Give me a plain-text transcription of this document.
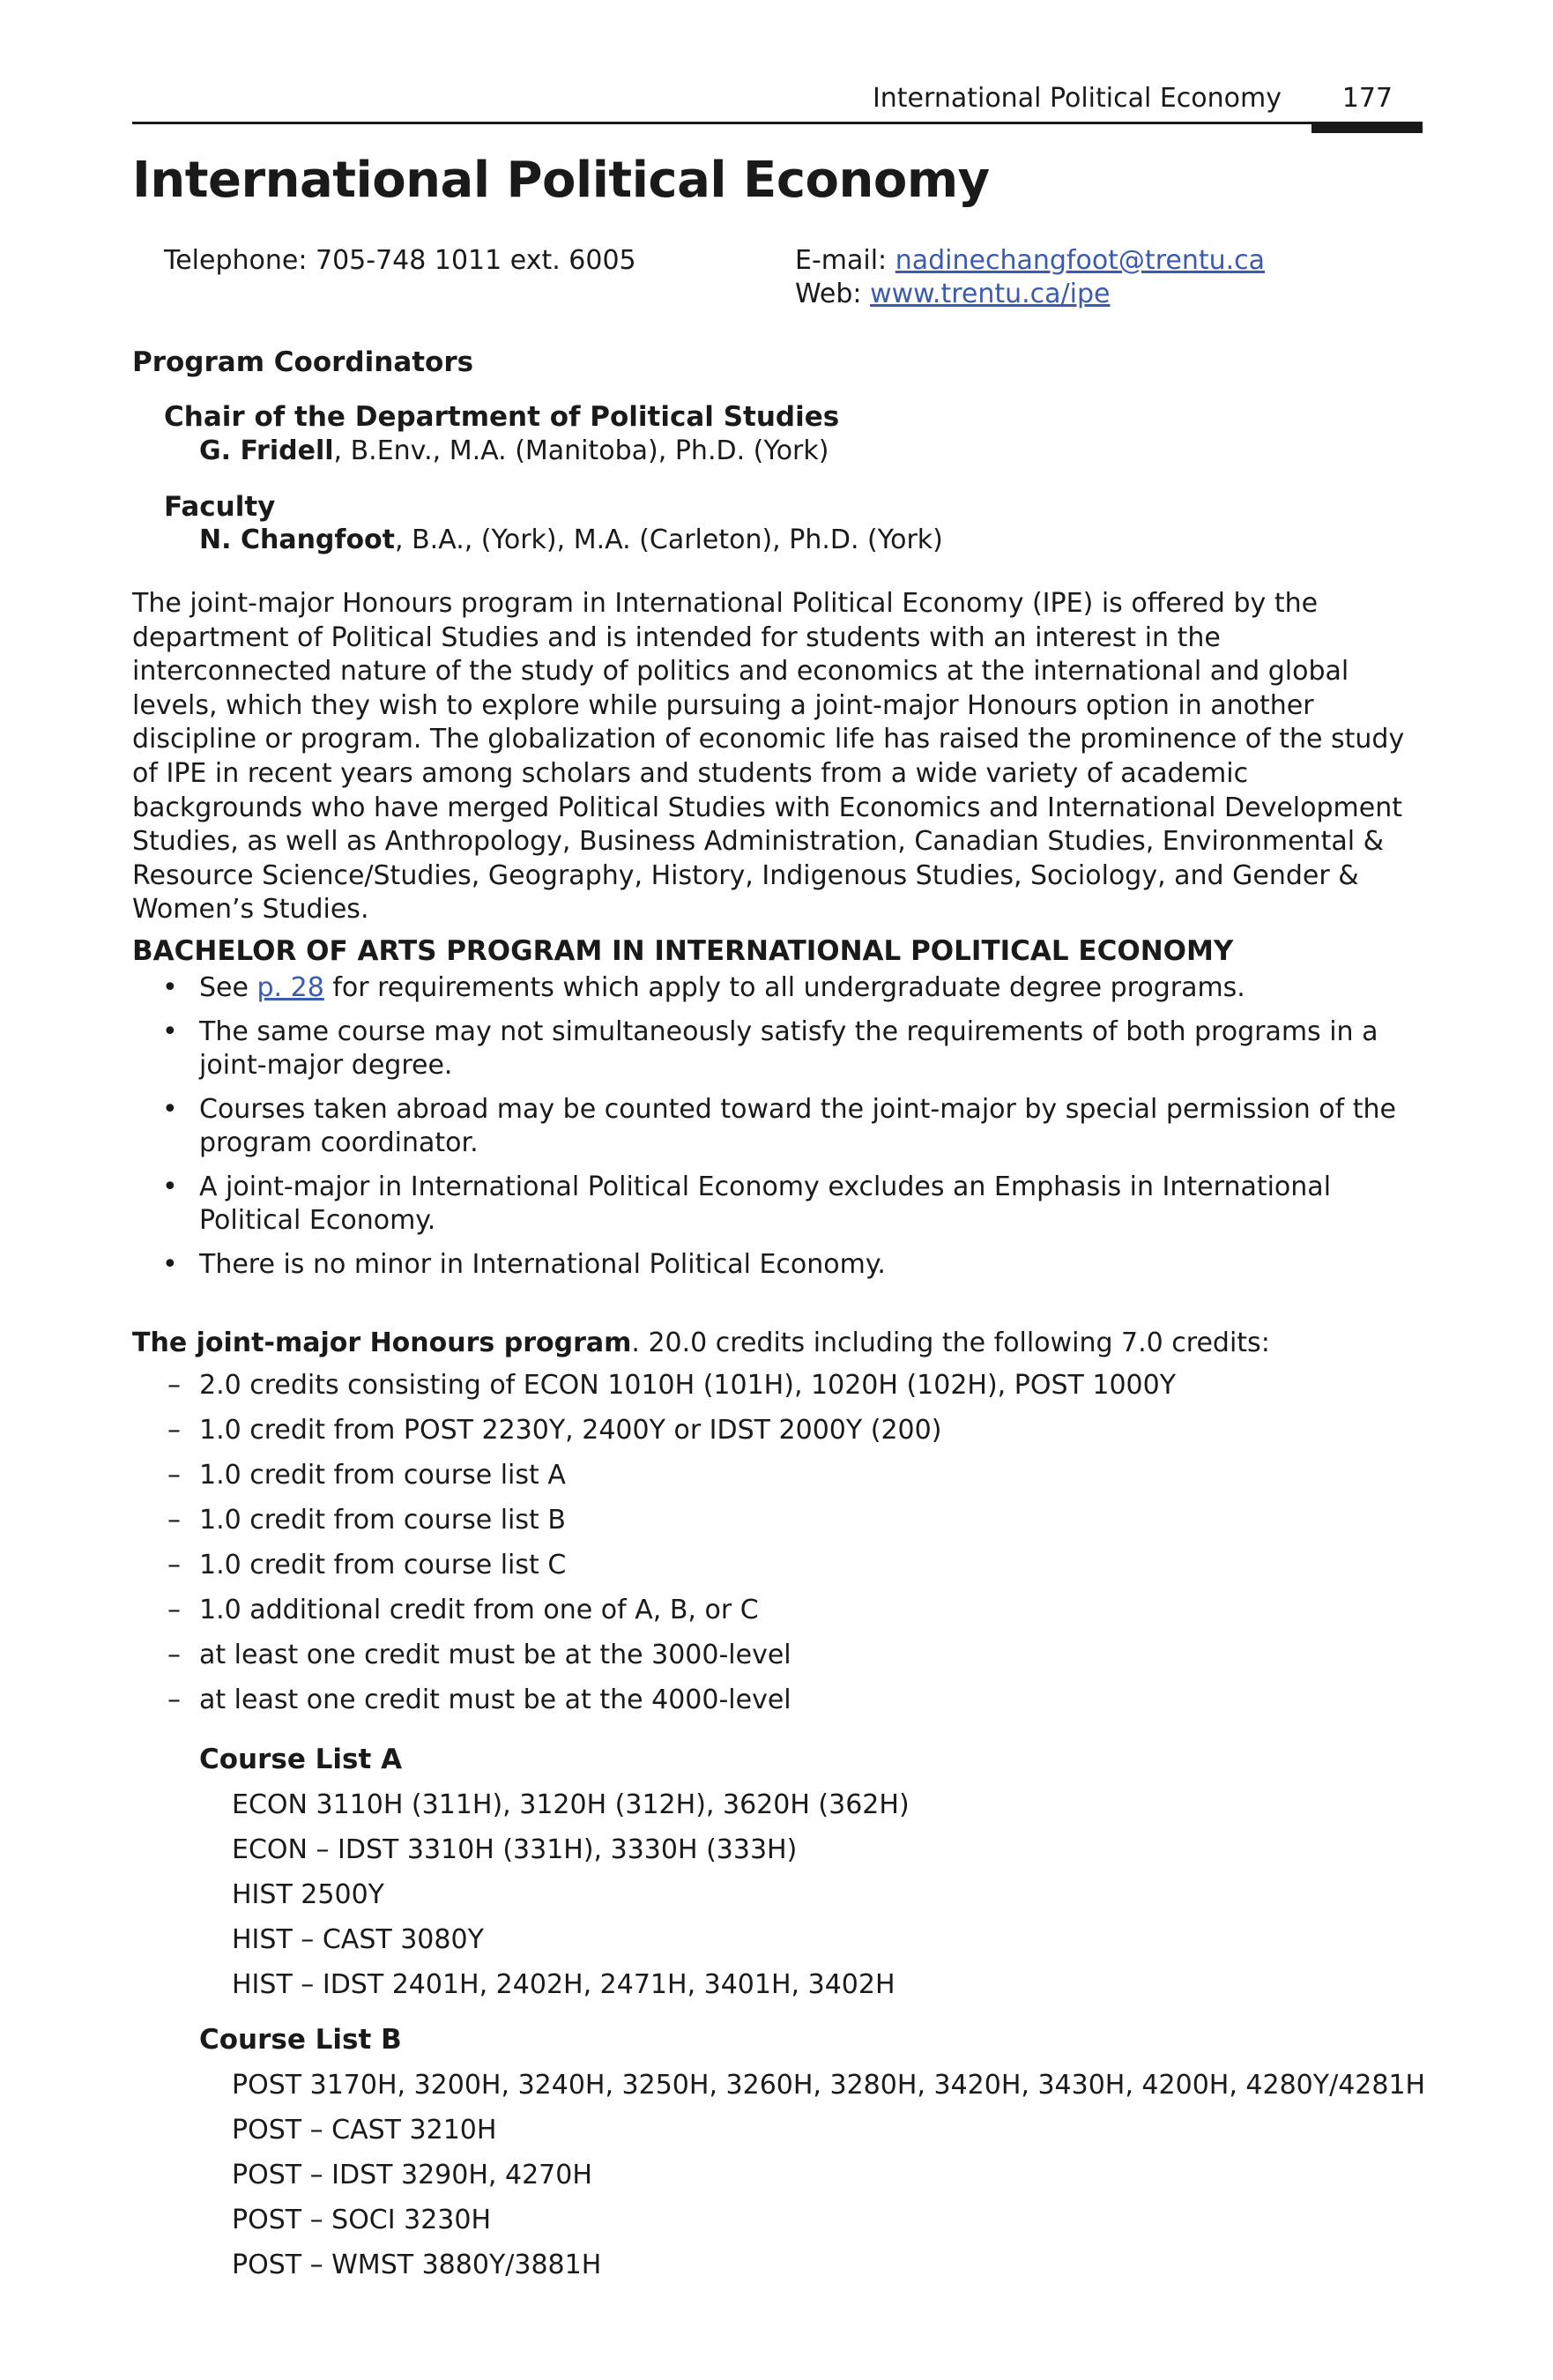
International Political Economy 177
International Political Economy
Telephone: 705-748 1011 ext. 6005	E-mail: nadinechangfoot@trentu.ca
Web: www.trentu.ca/ipe
Program Coordinators
Chair of the Department of Political Studies
G. Fridell, B.Env., M.A. (Manitoba), Ph.D. (York)
Faculty
N. Changfoot, B.A., (York), M.A. (Carleton), Ph.D. (York)

The joint-major Honours program in International Political Economy (IPE) is offered by the department of Political Studies and is intended for students with an interest in the interconnected nature of the study of politics and economics at the international and global levels, which they wish to explore while pursuing a joint-major Honours option in another discipline or program. The globalization of economic life has raised the prominence of the study of IPE in recent years among scholars and students from a wide variety of academic backgrounds who have merged Political Studies with Economics and International Development Studies, as well as Anthropology, Business Administration, Canadian Studies, Environmental & Resource Science/Studies, Geography, History, Indigenous Studies, Sociology, and Gender & Women’s Studies.

BACHELOR OF ARTS PROGRAM IN INTERNATIONAL POLITICAL ECONOMY
• See p. 28 for requirements which apply to all undergraduate degree programs.
• The same course may not simultaneously satisfy the requirements of both programs in a joint-major degree.
• Courses taken abroad may be counted toward the joint-major by special permission of the program coordinator.
• A joint-major in International Political Economy excludes an Emphasis in International Political Economy.
• There is no minor in International Political Economy.
The joint-major Honours program. 20.0 credits including the following 7.0 credits:
– 2.0 credits consisting of ECON 1010H (101H), 1020H (102H), POST 1000Y
– 1.0 credit from POST 2230Y, 2400Y or IDST 2000Y (200)
– 1.0 credit from course list A
– 1.0 credit from course list B
– 1.0 credit from course list C
– 1.0 additional credit from one of A, B, or C
– at least one credit must be at the 3000-level
– at least one credit must be at the 4000-level
Course List A
ECON 3110H (311H), 3120H (312H), 3620H (362H)
ECON – IDST 3310H (331H), 3330H (333H)
HIST 2500Y
HIST – CAST 3080Y
HIST – IDST 2401H, 2402H, 2471H, 3401H, 3402H
Course List B
POST 3170H, 3200H, 3240H, 3250H, 3260H, 3280H, 3420H, 3430H, 4200H, 4280Y/4281H
POST – CAST 3210H
POST – IDST 3290H, 4270H
POST – SOCI 3230H
POST – WMST 3880Y/3881H
